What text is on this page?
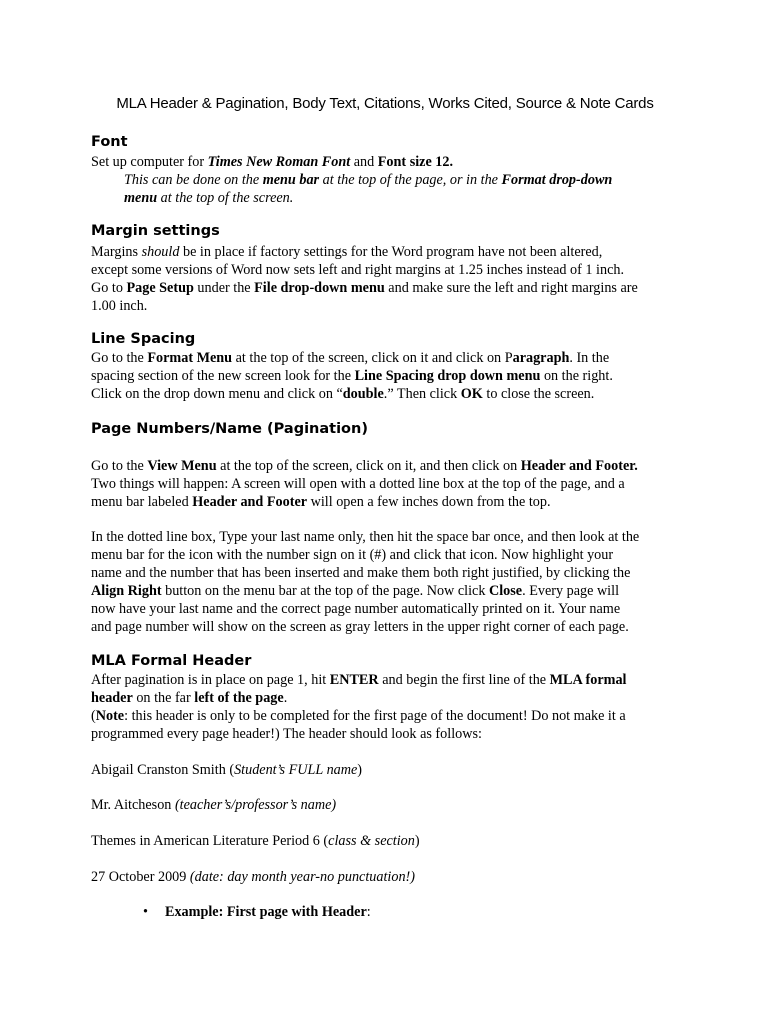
MLA Header & Pagination, Body Text, Citations, Works Cited, Source & Note Cards
Font
Set up computer for Times New Roman Font and Font size 12.
This can be done on the menu bar at the top of the page, or in the Format drop-down
menu at the top of the screen.
Margin settings
Margins should be in place if factory settings for the Word program have not been altered,
except some versions of Word now sets left and right margins at 1.25 inches instead of 1 inch.
Go to Page Setup under the File drop-down menu and make sure the left and right margins are
1.00 inch.
Line Spacing
Go to the Format Menu at the top of the screen, click on it and click on Paragraph. In the
spacing section of the new screen look for the Line Spacing drop down menu on the right.
Click on the drop down menu and click on “double.” Then click OK to close the screen.
Page Numbers/Name (Pagination)
Go to the View Menu at the top of the screen, click on it, and then click on Header and Footer.
Two things will happen: A screen will open with a dotted line box at the top of the page, and a
menu bar labeled Header and Footer will open a few inches down from the top.
In the dotted line box, Type your last name only, then hit the space bar once, and then look at the
menu bar for the icon with the number sign on it (#) and click that icon. Now highlight your
name and the number that has been inserted and make them both right justified, by clicking the
Align Right button on the menu bar at the top of the page. Now click Close. Every page will
now have your last name and the correct page number automatically printed on it. Your name
and page number will show on the screen as gray letters in the upper right corner of each page.
MLA Formal Header
After pagination is in place on page 1, hit ENTER and begin the first line of the MLA formal
header on the far left of the page.
(Note: this header is only to be completed for the first page of the document! Do not make it a
programmed every page header!) The header should look as follows:
Abigail Cranston Smith (Student’s FULL name)
Mr. Aitcheson (teacher’s/professor’s name)
Themes in American Literature Period 6 (class & section)
27 October 2009 (date: day month year-no punctuation!)
• Example: First page with Header:
